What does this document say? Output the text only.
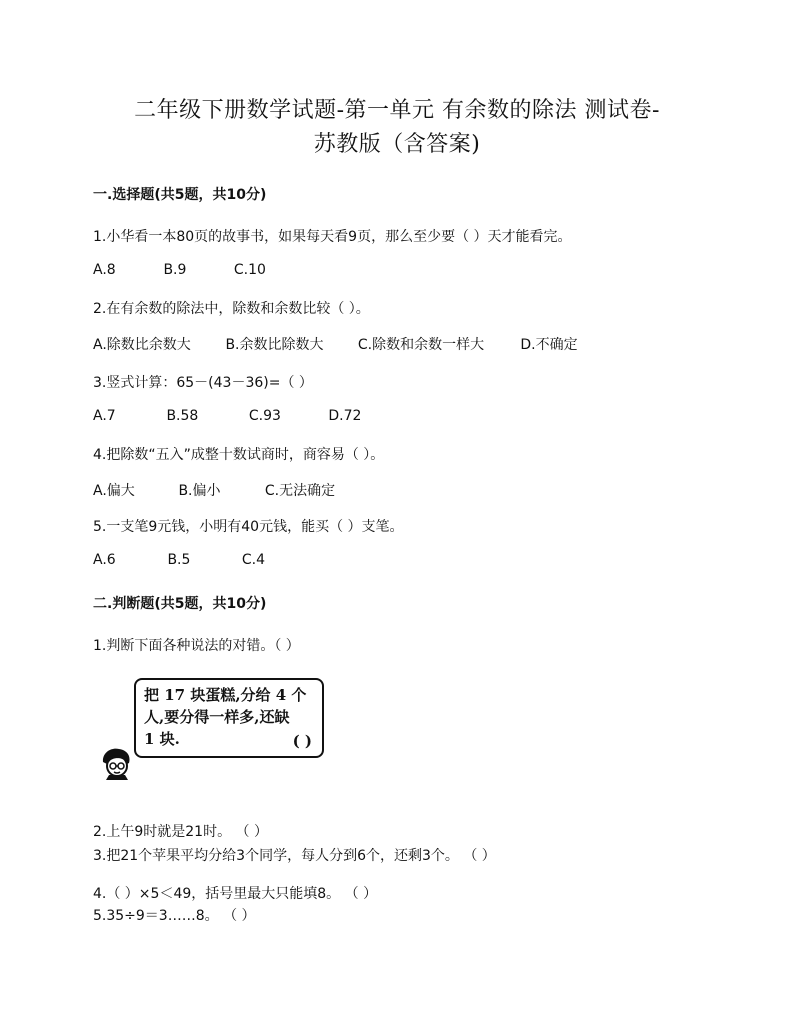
二年级下册数学试题-第一单元 有余数的除法 测试卷-
苏教版（含答案)
一.选择题(共5题，共10分)
1.小华看一本80页的故事书，如果每天看9页，那么至少要（ ）天才能看完。
A.8	B.9	C.10
2.在有余数的除法中，除数和余数比较（ ）。
A.除数比余数大 B.余数比除数大 C.除数和余数一样大	D.不确定
3.竖式计算：65－(43－36)=（ ）
A.7	B.58	C.93	D.72
4.把除数“五入”成整十数试商时，商容易（ ）。
A.偏大	B.偏小	C.无法确定
5.一支笔9元钱，小明有40元钱，能买（ ）支笔。
A.6	B.5	C.4
二.判断题(共5题，共10分)
1.判断下面各种说法的对错。（ ）
把 17 块蛋糕,分给 4 个
人,要分得一样多,还缺
1 块.	( )
2.上午9时就是21时。 （ ）
3.把21个苹果平均分给3个同学，每人分到6个，还剩3个。 （ ）
4.（ ）×5＜49，括号里最大只能填8。 （ ）
5.35÷9＝3……8。 （ ）
